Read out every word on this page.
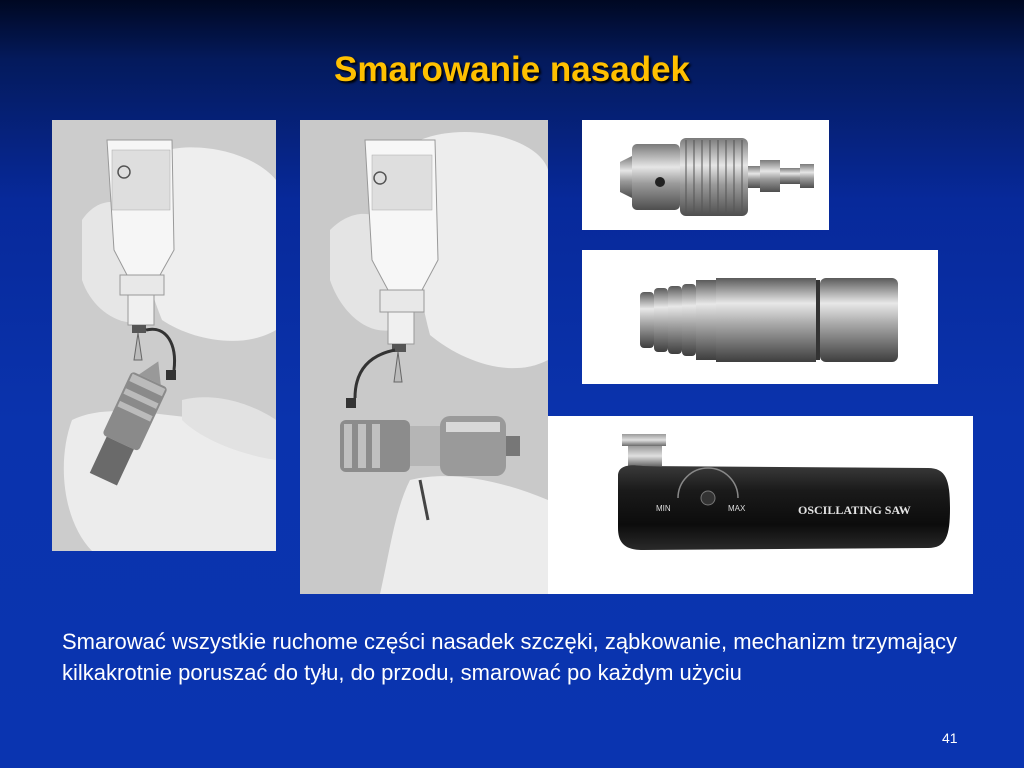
Smarowanie nasadek
MIN	MAX	OSCILLATING SAW
Smarować wszystkie ruchome części nasadek szczęki, ząbkowanie, mechanizm trzymający kilkakrotnie poruszać do tyłu, do przodu, smarować po każdym użyciu
41
